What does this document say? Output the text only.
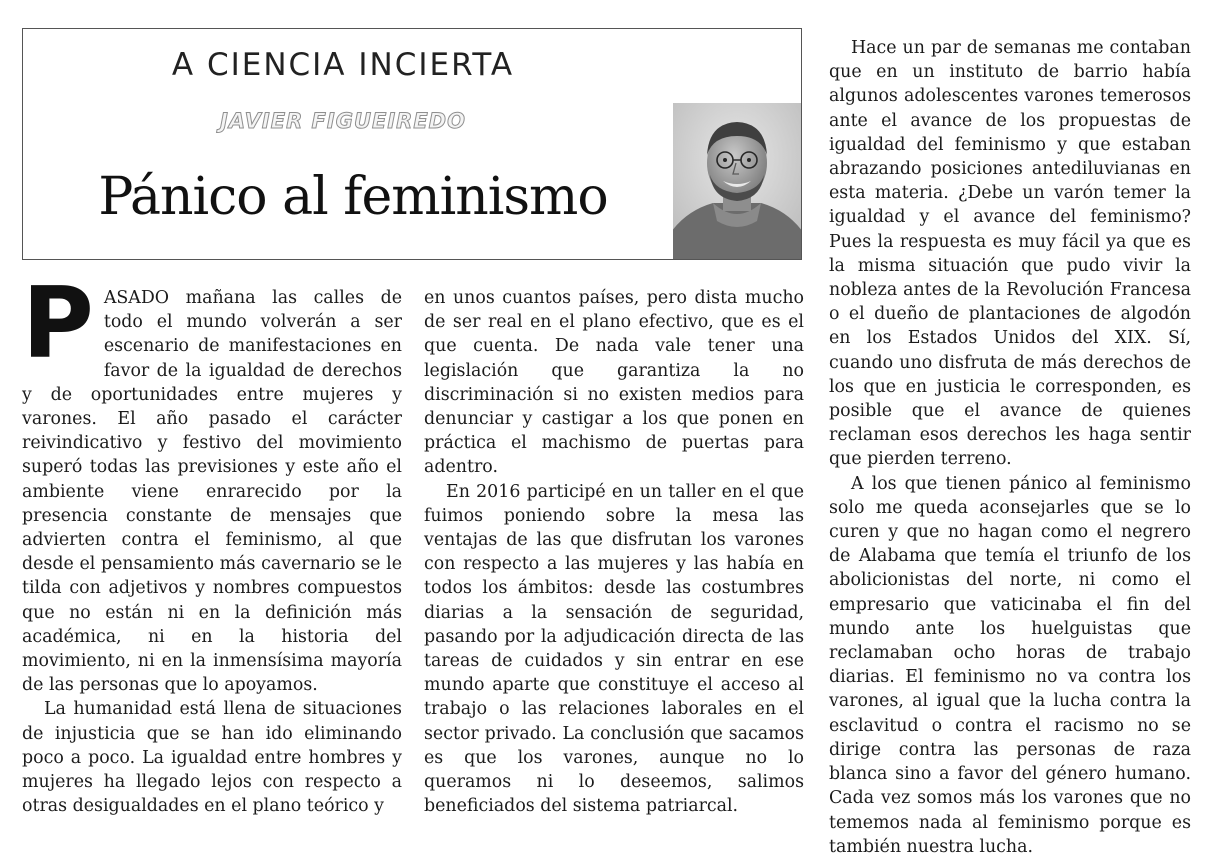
A CIENCIA INCIERTA
JAVIER FIGUEIREDO
Pánico al feminismo

PASADO mañana las calles de todo el mundo volverán a ser escenario de manifestaciones en favor de la igualdad de derechos y de oportunidades entre mujeres y varones. El año pasado el carácter reivindicativo y festivo del movimiento superó todas las previsiones y este año el ambiente viene enrarecido por la presencia constante de mensajes que advierten contra el feminismo, al que desde el pensamiento más cavernario se le tilda con adjetivos y nombres compuestos que no están ni en la definición más académica, ni en la historia del movimiento, ni en la inmensísima mayoría de las personas que lo apoyamos.

La humanidad está llena de situaciones de injusticia que se han ido eliminando poco a poco. La igualdad entre hombres y mujeres ha llegado lejos con respecto a otras desigualdades en el plano teórico y

en unos cuantos países, pero dista mucho de ser real en el plano efectivo, que es el que cuenta. De nada vale tener una legislación que garantiza la no discriminación si no existen medios para denunciar y castigar a los que ponen en práctica el machismo de puertas para adentro.

En 2016 participé en un taller en el que fuimos poniendo sobre la mesa las ventajas de las que disfrutan los varones con respecto a las mujeres y las había en todos los ámbitos: desde las costumbres diarias a la sensación de seguridad, pasando por la adjudicación directa de las tareas de cuidados y sin entrar en ese mundo aparte que constituye el acceso al trabajo o las relaciones laborales en el sector privado. La conclusión que sacamos es que los varones, aunque no lo queramos ni lo deseemos, salimos beneficiados del sistema patriarcal.

Hace un par de semanas me contaban que en un instituto de barrio había algunos adolescentes varones temerosos ante el avance de los propuestas de igualdad del feminismo y que estaban abrazando posiciones antediluvianas en esta materia. ¿Debe un varón temer la igualdad y el avance del feminismo? Pues la respuesta es muy fácil ya que es la misma situación que pudo vivir la nobleza antes de la Revolución Francesa o el dueño de plantaciones de algodón en los Estados Unidos del XIX. Sí, cuando uno disfruta de más derechos de los que en justicia le corresponden, es posible que el avance de quienes reclaman esos derechos les haga sentir que pierden terreno.

A los que tienen pánico al feminismo solo me queda aconsejarles que se lo curen y que no hagan como el negrero de Alabama que temía el triunfo de los abolicionistas del norte, ni como el empresario que vaticinaba el fin del mundo ante los huelguistas que reclamaban ocho horas de trabajo diarias. El feminismo no va contra los varones, al igual que la lucha contra la esclavitud o contra el racismo no se dirige contra las personas de raza blanca sino a favor del género humano. Cada vez somos más los varones que no tememos nada al feminismo porque es también nuestra lucha.
